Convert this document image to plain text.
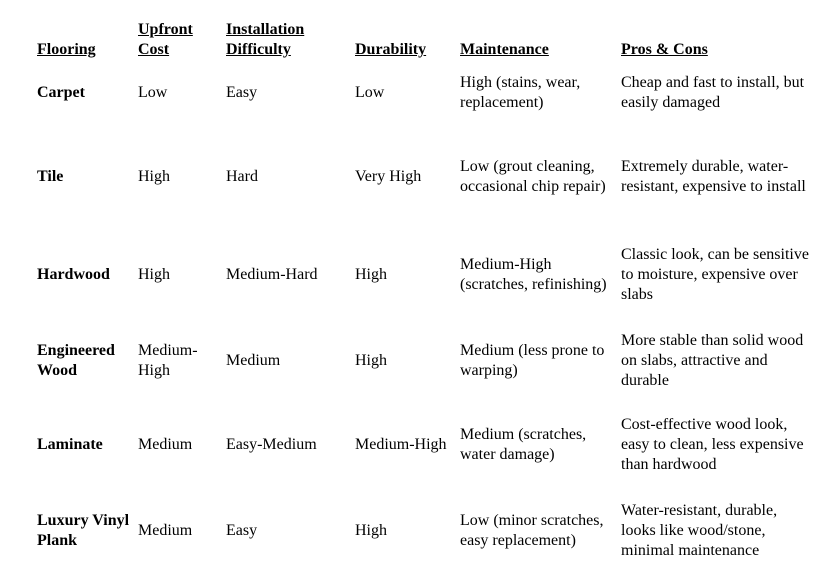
Flooring	Upfront Cost	Installation Difficulty	Durability	Maintenance	Pros & Cons
Carpet	Low	Easy	Low	High (stains, wear, replacement)	Cheap and fast to install, but easily damaged
Tile	High	Hard	Very High	Low (grout cleaning, occasional chip repair)	Extremely durable, water-resistant, expensive to install
Hardwood	High	Medium-Hard	High	Medium-High (scratches, refinishing)	Classic look, can be sensitive to moisture, expensive over slabs
Engineered Wood	Medium-High	Medium	High	Medium (less prone to warping)	More stable than solid wood on slabs, attractive and durable
Laminate	Medium	Easy-Medium	Medium-High	Medium (scratches, water damage)	Cost-effective wood look, easy to clean, less expensive than hardwood
Luxury Vinyl Plank	Medium	Easy	High	Low (minor scratches, easy replacement)	Water-resistant, durable, looks like wood/stone, minimal maintenance
